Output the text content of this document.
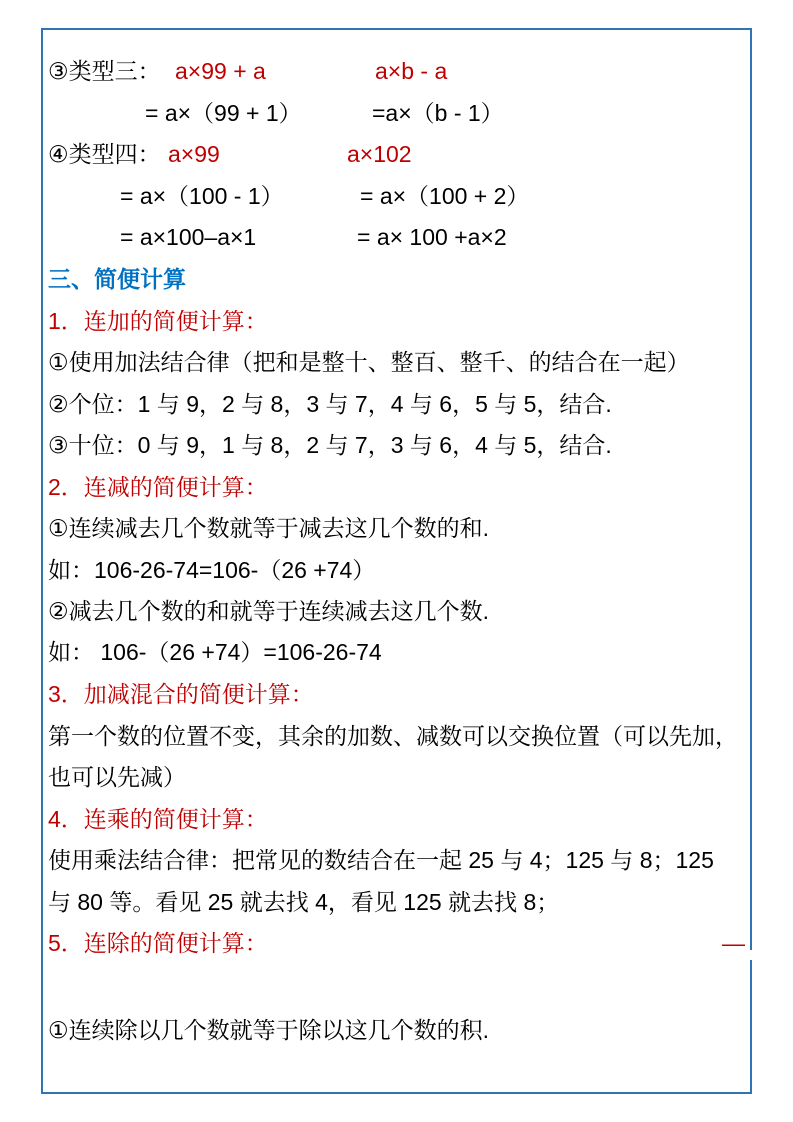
③类型三： a×99 + a	a×b - a
= a×（99 + 1）	=a×（b - 1）
④类型四： a×99	a×102
= a×（100 - 1）	= a×（100 + 2）
= a×100–a×1	= a× 100 +a×2
三、简便计算
1．连加的简便计算：
①使用加法结合律（把和是整十、整百、整千、的结合在一起）
②个位：1 与 9，2 与 8，3 与 7，4 与 6，5 与 5，结合.
③十位：0 与 9，1 与 8，2 与 7，3 与 6，4 与 5，结合.
2．连减的简便计算：
①连续减去几个数就等于减去这几个数的和.
如：106-26-74=106-（26 +74）
②减去几个数的和就等于连续减去这几个数.
如： 106-（26 +74）=106-26-74
3．加减混合的简便计算：
第一个数的位置不变，其余的加数、减数可以交换位置（可以先加，
也可以先减）
4．连乘的简便计算：
使用乘法结合律：把常见的数结合在一起 25 与 4；125 与 8；125
与 80 等。看见 25 就去找 4，看见 125 就去找 8；
5．连除的简便计算：	—
①连续除以几个数就等于除以这几个数的积.
